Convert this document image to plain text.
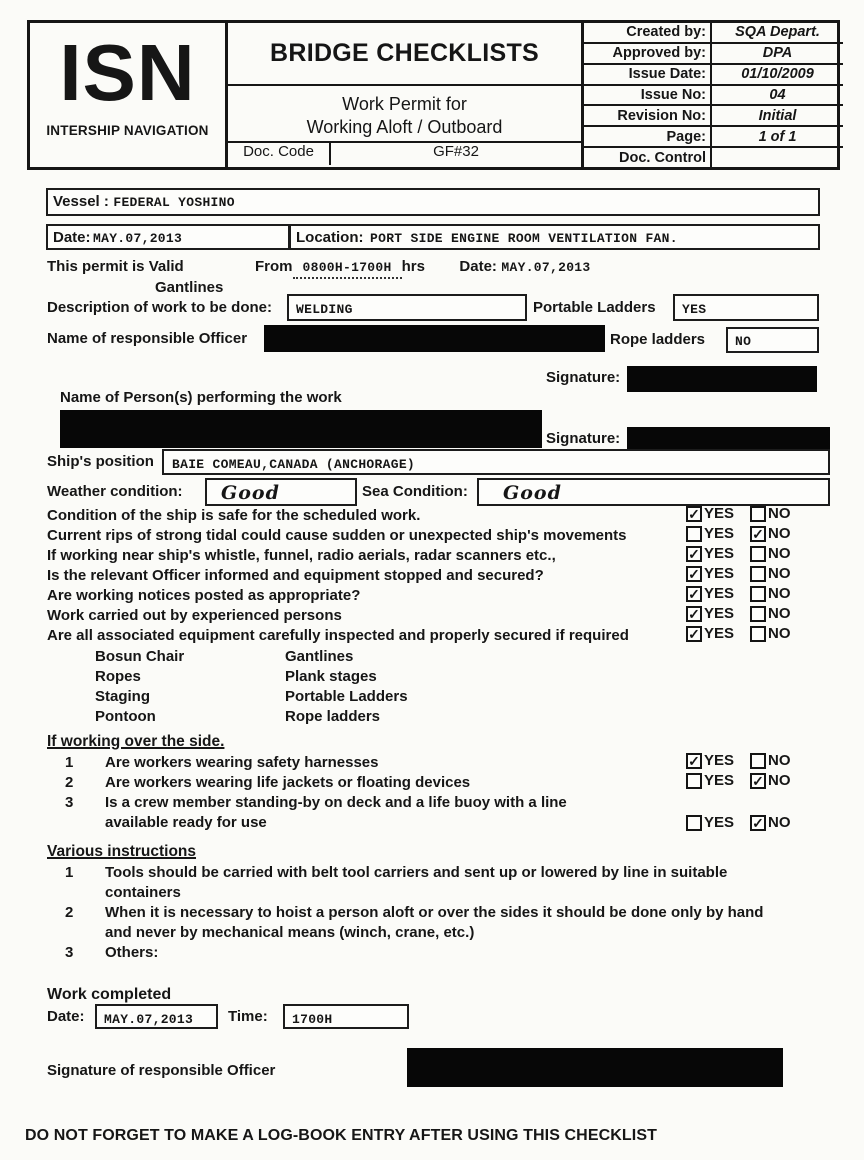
ISN
INTERSHIP NAVIGATION
BRIDGE CHECKLISTS
Work Permit for
Working Aloft / Outboard
Doc. Code	GF#32
Created by:	SQA Depart.
Approved by:	DPA
Issue Date:	01/10/2009
Issue No:	04
Revision No:	Initial
Page:	1 of 1
Doc. Control
Vessel : FEDERAL YOSHINO
Date: MAY.07,2013	Location: PORT SIDE ENGINE ROOM VENTILATION FAN.
This permit is Valid	From 0800H-1700H hrs Date: MAY.07,2013
Gantlines
Description of work to be done:	WELDING	Portable Ladders	YES
Name of responsible Officer	Rope ladders	NO
Signature:
Name of Person(s) performing the work
Signature:
Ship's position	BAIE COMEAU,CANADA (ANCHORAGE)
Weather condition:	Good	Sea Condition:	Good
Condition of the ship is safe for the scheduled work.	✓ YES NO
Current rips of strong tidal could cause sudden or unexpected ship's movements	YES ✓ NO
If working near ship's whistle, funnel, radio aerials, radar scanners etc.,	✓ YES NO
Is the relevant Officer informed and equipment stopped and secured?	✓ YES NO
Are working notices posted as appropriate?	✓ YES NO
Work carried out by experienced persons	✓ YES NO
Are all associated equipment carefully inspected and properly secured if required	✓ YES NO
Bosun Chair	Gantlines
Ropes	Plank stages
Staging	Portable Ladders
Pontoon	Rope ladders
If working over the side.
1 Are workers wearing safety harnesses	✓ YES NO
2 Are workers wearing life jackets or floating devices	YES ✓ NO
3 Is a crew member standing-by on deck and a life buoy with a line
available ready for use	YES ✓ NO
Various instructions
1 Tools should be carried with belt tool carriers and sent up or lowered by line in suitable
containers
2 When it is necessary to hoist a person aloft or over the sides it should be done only by hand
and never by mechanical means (winch, crane, etc.)
3 Others:
Work completed
Date:	MAY.07,2013	Time:	1700H
Signature of responsible Officer
DO NOT FORGET TO MAKE A LOG-BOOK ENTRY AFTER USING THIS CHECKLIST
